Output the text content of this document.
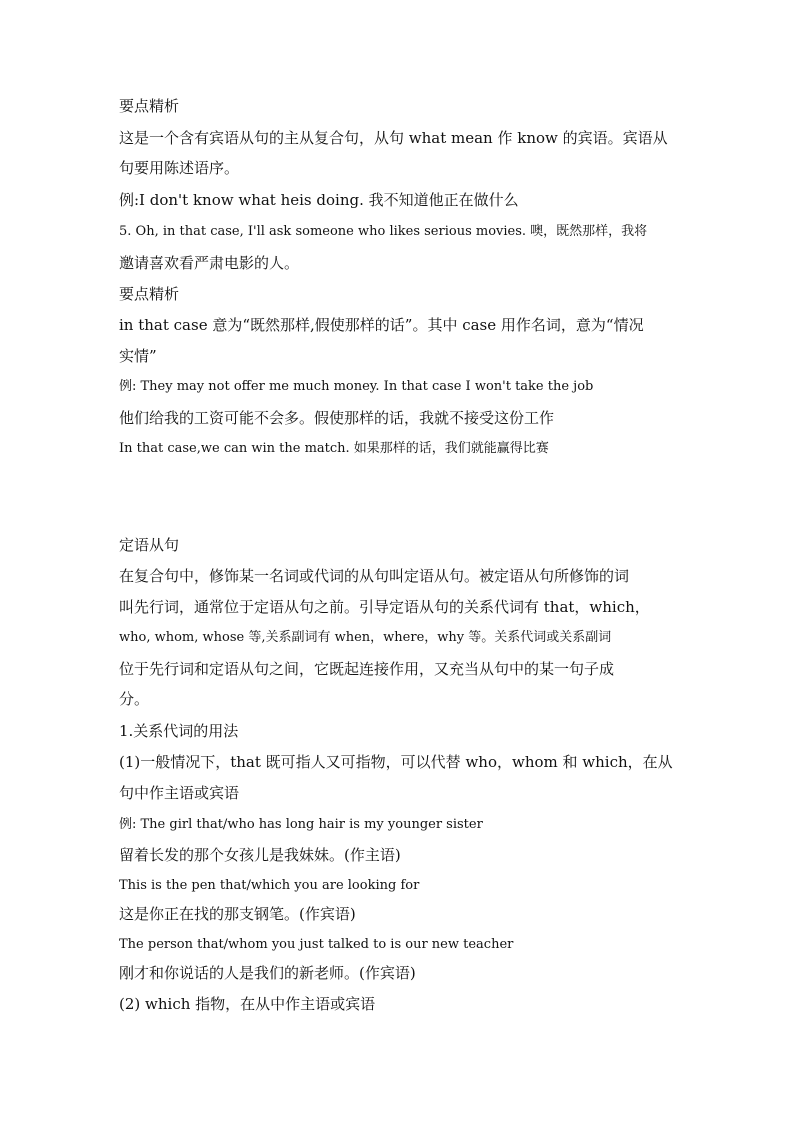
要点精析
这是一个含有宾语从句的主从复合句，从句 what mean 作 know 的宾语。宾语从
句要用陈述语序。
例:I don't know what heis doing. 我不知道他正在做什么
5. Oh, in that case, I'll ask someone who likes serious movies. 噢，既然那样，我将
邀请喜欢看严肃电影的人。
要点精析
in that case 意为“既然那样,假使那样的话”。其中 case 用作名词，意为“情况
实情”
例: They may not offer me much money. In that case I won't take the job
他们给我的工资可能不会多。假使那样的话，我就不接受这份工作
In that case,we can win the match. 如果那样的话，我们就能赢得比赛
定语从句
在复合句中，修饰某一名词或代词的从句叫定语从句。被定语从句所修饰的词
叫先行词，通常位于定语从句之前。引导定语从句的关系代词有 that，which，
who, whom, whose 等,关系副词有 when，where，why 等。关系代词或关系副词
位于先行词和定语从句之间，它既起连接作用，又充当从句中的某一句子成
分。
1.关系代词的用法
(1)一般情况下，that 既可指人又可指物，可以代替 who，whom 和 which，在从
句中作主语或宾语
例: The girl that/who has long hair is my younger sister
留着长发的那个女孩儿是我妹妹。(作主语)
This is the pen that/which you are looking for
这是你正在找的那支钢笔。(作宾语)
The person that/whom you just talked to is our new teacher
刚才和你说话的人是我们的新老师。(作宾语)
(2) which 指物，在从中作主语或宾语
